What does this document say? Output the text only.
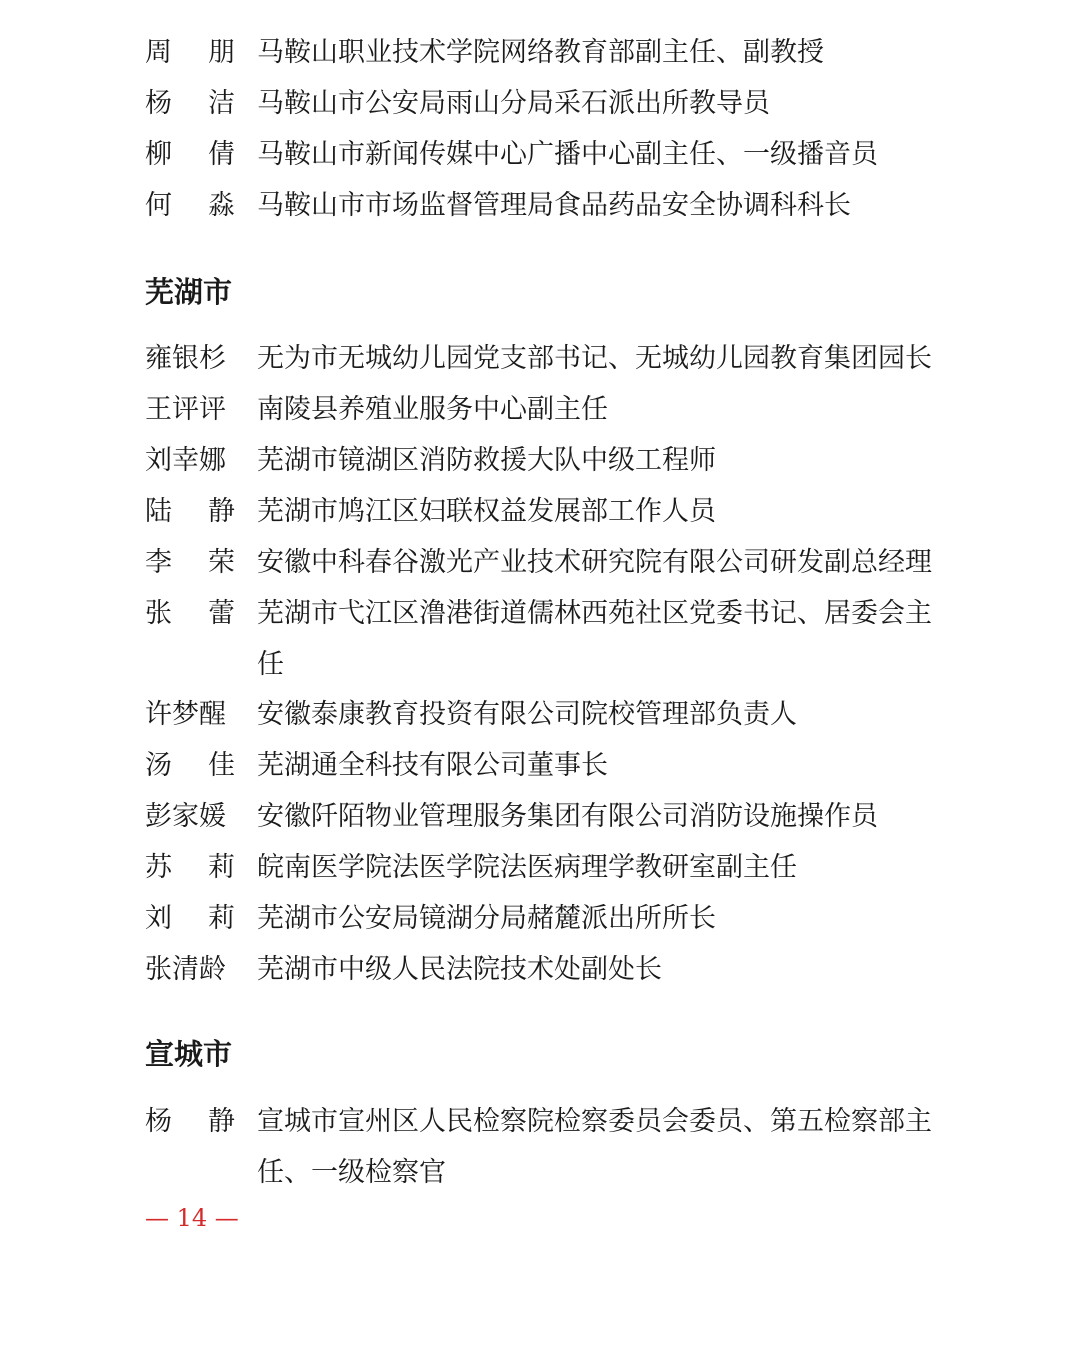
周 朋 马鞍山职业技术学院网络教育部副主任、副教授
杨 洁 马鞍山市公安局雨山分局采石派出所教导员
柳 倩 马鞍山市新闻传媒中心广播中心副主任、一级播音员
何 淼 马鞍山市市场监督管理局食品药品安全协调科科长
芜湖市
雍银杉	无为市无城幼儿园党支部书记、无城幼儿园教育集团园长
王评评	南陵县养殖业服务中心副主任
刘幸娜	芜湖市镜湖区消防救援大队中级工程师
陆 静 芜湖市鸠江区妇联权益发展部工作人员
李 荣 安徽中科春谷激光产业技术研究院有限公司研发副总经理
张 蕾 芜湖市弋江区澛港街道儒林西苑社区党委书记、居委会主任
许梦醒	安徽泰康教育投资有限公司院校管理部负责人
汤 佳 芜湖通全科技有限公司董事长
彭家媛	安徽阡陌物业管理服务集团有限公司消防设施操作员
苏 莉 皖南医学院法医学院法医病理学教研室副主任
刘 莉 芜湖市公安局镜湖分局赭麓派出所所长
张清龄	芜湖市中级人民法院技术处副处长
宣城市
杨 静 宣城市宣州区人民检察院检察委员会委员、第五检察部主任、一级检察官
— 14 —
